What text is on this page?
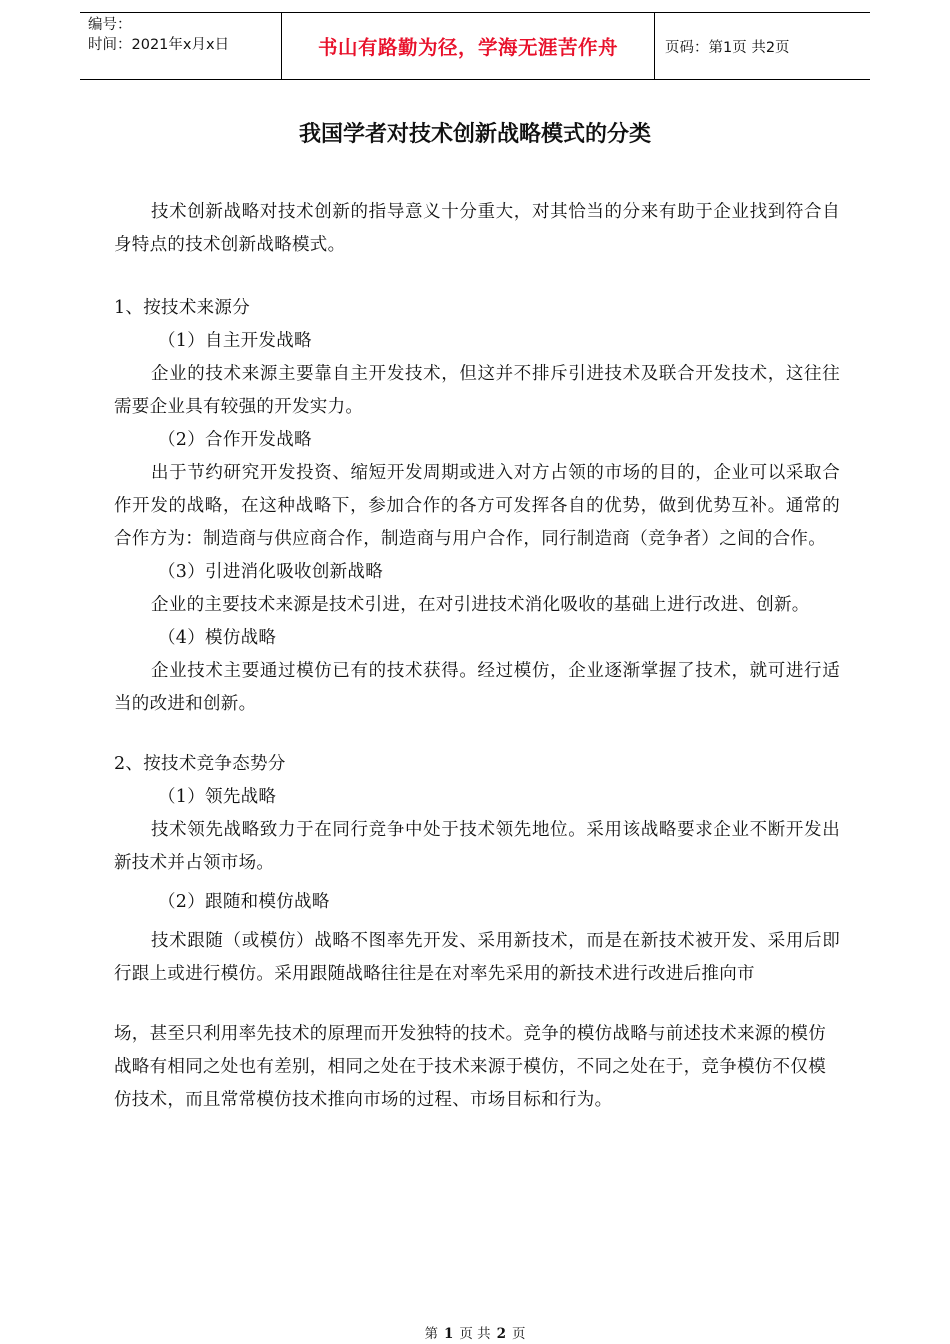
编号：
时间：2021年x月x日	书山有路勤为径，学海无涯苦作舟	页码：第1页 共2页
我国学者对技术创新战略模式的分类

技术创新战略对技术创新的指导意义十分重大，对其恰当的分来有助于企业找到符合自身特点的技术创新战略模式。

1、按技术来源分

（1）自主开发战略

企业的技术来源主要靠自主开发技术，但这并不排斥引进技术及联合开发技术，这往往需要企业具有较强的开发实力。

（2）合作开发战略

出于节约研究开发投资、缩短开发周期或进入对方占领的市场的目的，企业可以采取合作开发的战略，在这种战略下，参加合作的各方可发挥各自的优势，做到优势互补。通常的合作方为：制造商与供应商合作，制造商与用户合作，同行制造商（竞争者）之间的合作。

（3）引进消化吸收创新战略

企业的主要技术来源是技术引进，在对引进技术消化吸收的基础上进行改进、创新。

（4）模仿战略

企业技术主要通过模仿已有的技术获得。经过模仿，企业逐渐掌握了技术，就可进行适当的改进和创新。

2、按技术竞争态势分

（1）领先战略

技术领先战略致力于在同行竞争中处于技术领先地位。采用该战略要求企业不断开发出新技术并占领市场。

（2）跟随和模仿战略

技术跟随（或模仿）战略不图率先开发、采用新技术，而是在新技术被开发、采用后即行跟上或进行模仿。采用跟随战略往往是在对率先采用的新技术进行改进后推向市

场，甚至只利用率先技术的原理而开发独特的技术。竞争的模仿战略与前述技术来源的模仿战略有相同之处也有差别，相同之处在于技术来源于模仿，不同之处在于，竞争模仿不仅模仿技术，而且常常模仿技术推向市场的过程、市场目标和行为。

第 1 页 共 2 页
